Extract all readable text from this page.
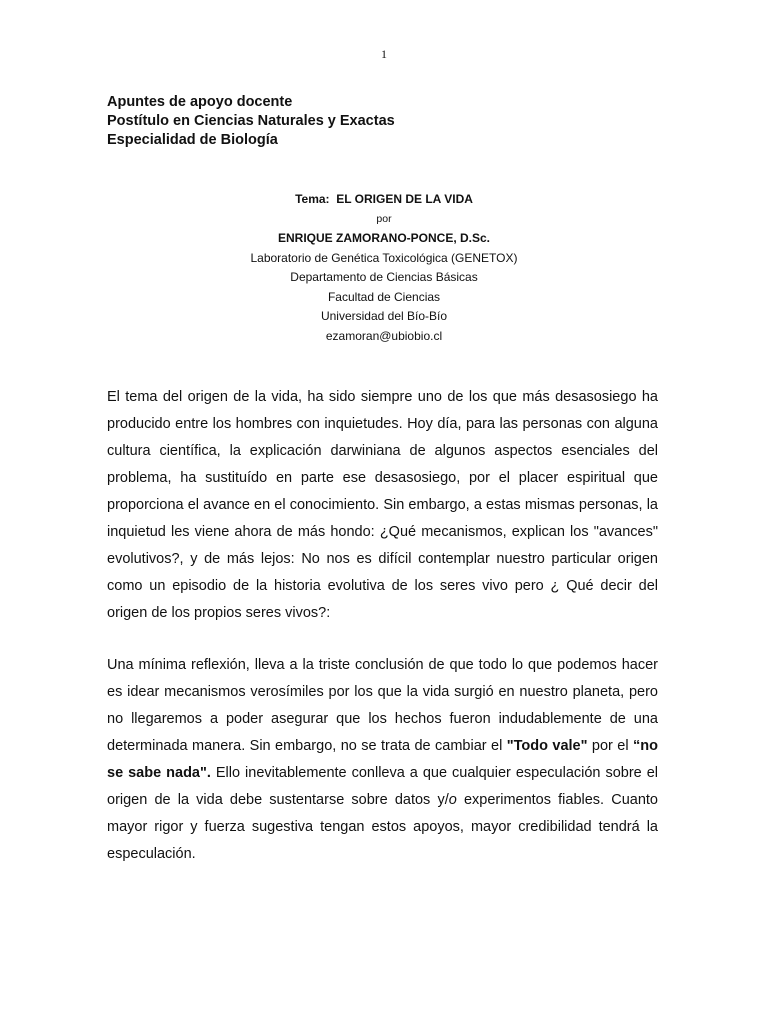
1
Apuntes de apoyo docente
Postítulo en Ciencias Naturales y Exactas
Especialidad de Biología
Tema: EL ORIGEN DE LA VIDA
por
ENRIQUE ZAMORANO-PONCE, D.Sc.
Laboratorio de Genética Toxicológica (GENETOX)
Departamento de Ciencias Básicas
Facultad de Ciencias
Universidad del Bío-Bío
ezamoran@ubiobio.cl

El tema del origen de la vida, ha sido siempre uno de los que más desasosiego ha producido entre los hombres con inquietudes. Hoy día, para las personas con alguna cultura científica, la explicación darwiniana de algunos aspectos esenciales del problema, ha sustituído en parte ese desasosiego, por el placer espiritual que proporciona el avance en el conocimiento. Sin embargo, a estas mismas personas, la inquietud les viene ahora de más hondo: ¿Qué mecanismos, explican los "avances" evolutivos?, y de más lejos: No nos es difícil contemplar nuestro particular origen como un episodio de la historia evolutiva de los seres vivo pero ¿ Qué decir del origen de los propios seres vivos?:

Una mínima reflexión, lleva a la triste conclusión de que todo lo que podemos hacer es idear mecanismos verosímiles por los que la vida surgió en nuestro planeta, pero no llegaremos a poder asegurar que los hechos fueron indudablemente de una determinada manera. Sin embargo, no se trata de cambiar el "Todo vale" por el “no se sabe nada". Ello inevitablemente conlleva a que cualquier especulación sobre el origen de la vida debe sustentarse sobre datos y/o experimentos fiables. Cuanto mayor rigor y fuerza sugestiva tengan estos apoyos, mayor credibilidad tendrá la especulación.
